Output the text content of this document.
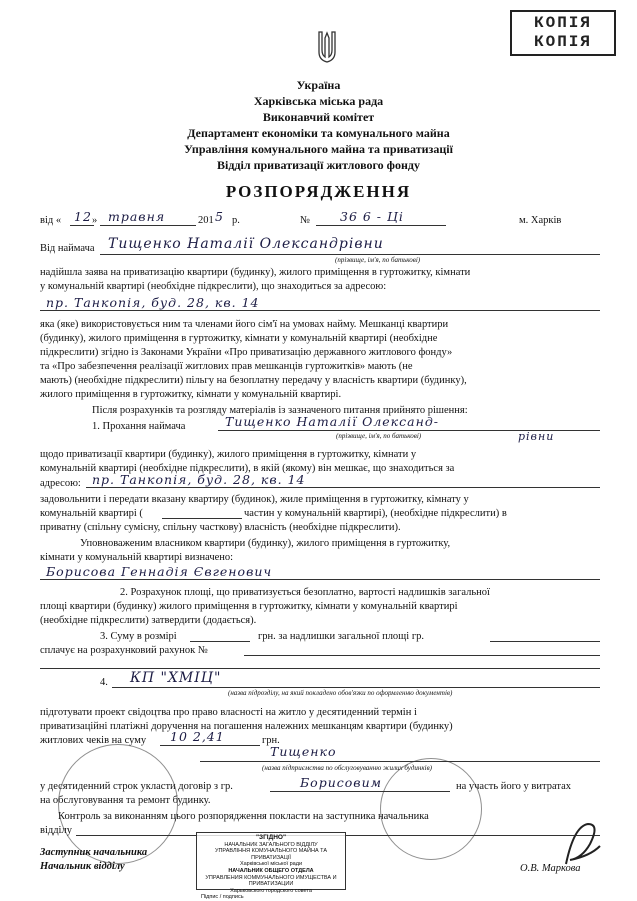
КОПІЯ
КОПІЯ
Україна
Харківська міська рада
Виконавчий комітет
Департамент економіки та комунального майна
Управління комунального майна та приватизації
Відділ приватизації житлового фонду
РОЗПОРЯДЖЕННЯ
від « 12 » травня	201 5 р.	№ 36 6 - Ці	м. Харків
Від наймача Тищенко Наталії Олександрівни
(прізвище, ім'я, по батькові)
надійшла заява на приватизацію квартири (будинку), жилого приміщення в гуртожитку, кімнати
у комунальній квартирі (необхідне підкреслити), що знаходиться за адресою:
пр. Танкопія, буд. 28, кв. 14
яка (яке) використовується ним та членами його сім'ї на умовах найму. Мешканці квартири
(будинку), жилого приміщення в гуртожитку, кімнати у комунальній квартирі (необхідне
підкреслити) згідно із Законами України «Про приватизацію державного житлового фонду»
та «Про забезпечення реалізації житлових прав мешканців гуртожитків» мають (не
мають) (необхідне підкреслити) пільгу на безоплатну передачу у власність квартири (будинку),
жилого приміщення в гуртожитку, кімнати у комунальній квартирі.
Після розрахунків та розгляду матеріалів із зазначеного питання прийнято рішення:
1. Прохання наймача	Тищенко Наталії Олександ-
(прізвище, ім'я, по батькові)	рівни
щодо приватизації квартири (будинку), жилого приміщення в гуртожитку, кімнати у
комунальній квартирі (необхідне підкреслити), в якій (якому) він мешкає, що знаходиться за
адресою: пр. Танкопія, буд. 28, кв. 14
задовольнити і передати вказану квартиру (будинок), жиле приміщення в гуртожитку, кімнату у
комунальній квартирі (	частин у комунальній квартирі), (необхідне підкреслити) в
приватну (спільну сумісну, спільну часткову) власність (необхідне підкреслити).
Уповноваженим власником квартири (будинку), жилого приміщення в гуртожитку,
кімнати у комунальній квартирі визначено:
Борисова Геннадія Євгенович
2. Розрахунок площі, що приватизується безоплатно, вартості надлишків загальної
площі квартири (будинку) жилого приміщення в гуртожитку, кімнати у комунальній квартирі
(необхідне підкреслити) затвердити (додається).
3. Суму в розмірі	грн. за надлишки загальної площі гр.
сплачує на розрахунковий рахунок №
4. КП "ХМІЦ"
(назва підрозділу, на який покладено обов'язки по оформленню документів)
підготувати проект свідоцтва про право власності на житло у десятиденний термін і
приватизаційні платіжні доручення на погашення належних мешканцям квартири (будинку)
житлових чеків на суму 10 2,41	грн.
Тищенко
(назва підприємства по обслуговуванню жилих будинків)
у десятиденний строк укласти договір з гр.	Борисовим	на участь його у витратах
на обслуговування та ремонт будинку.
Контроль за виконанням цього розпорядження покласти на заступника начальника
відділу
Заступник начальника
Начальник відділу	О.В. Маркова
"ЗГІДНО"
НАЧАЛЬНИК ЗАГАЛЬНОГО ВІДДІЛУ
УПРАВЛІННЯ КОМУНАЛЬНОГО МАЙНА ТА ПРИВАТИЗАЦІЇ
Харківської міської ради
НАЧАЛЬНИК ОБЩЕГО ОТДЕЛА
УПРАВЛЕНИЯ КОММУНАЛЬНОГО ИМУЩЕСТВА И ПРИВАТИЗАЦИИ
Харьковского городского совета
Підпис / подпись
